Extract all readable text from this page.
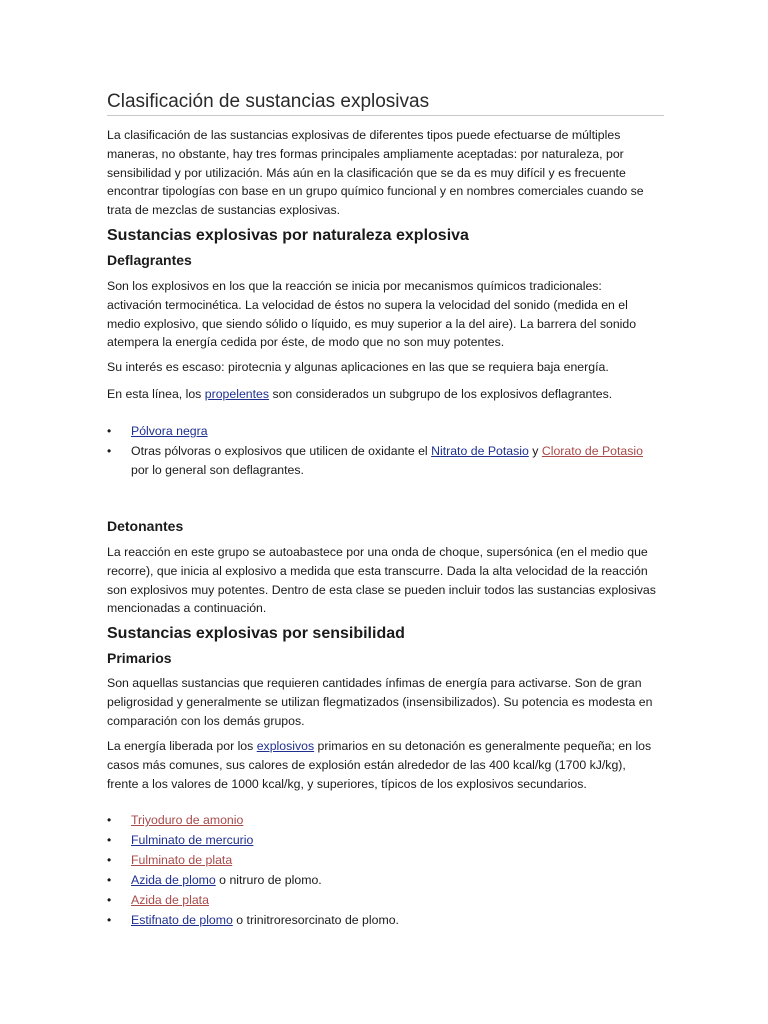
Clasificación de sustancias explosivas

La clasificación de las sustancias explosivas de diferentes tipos puede efectuarse de múltiples maneras, no obstante, hay tres formas principales ampliamente aceptadas: por naturaleza, por sensibilidad y por utilización. Más aún en la clasificación que se da es muy difícil y es frecuente encontrar tipologías con base en un grupo químico funcional y en nombres comerciales cuando se trata de mezclas de sustancias explosivas.

Sustancias explosivas por naturaleza explosiva
Deflagrantes

Son los explosivos en los que la reacción se inicia por mecanismos químicos tradicionales: activación termocinética. La velocidad de éstos no supera la velocidad del sonido (medida en el medio explosivo, que siendo sólido o líquido, es muy superior a la del aire). La barrera del sonido atempera la energía cedida por éste, de modo que no son muy potentes.

Su interés es escaso: pirotecnia y algunas aplicaciones en las que se requiera baja energía.

En esta línea, los propelentes son considerados un subgrupo de los explosivos deflagrantes.

• Pólvora negra
• Otras pólvoras o explosivos que utilicen de oxidante el Nitrato de Potasio y Clorato de Potasio por lo general son deflagrantes.
Detonantes

La reacción en este grupo se autoabastece por una onda de choque, supersónica (en el medio que recorre), que inicia al explosivo a medida que esta transcurre. Dada la alta velocidad de la reacción son explosivos muy potentes. Dentro de esta clase se pueden incluir todos las sustancias explosivas mencionadas a continuación.

Sustancias explosivas por sensibilidad
Primarios

Son aquellas sustancias que requieren cantidades ínfimas de energía para activarse. Son de gran peligrosidad y generalmente se utilizan flegmatizados (insensibilizados). Su potencia es modesta en comparación con los demás grupos.

La energía liberada por los explosivos primarios en su detonación es generalmente pequeña; en los casos más comunes, sus calores de explosión están alrededor de las 400 kcal/kg (1700 kJ/kg), frente a los valores de 1000 kcal/kg, y superiores, típicos de los explosivos secundarios.

• Triyoduro de amonio
• Fulminato de mercurio
• Fulminato de plata
• Azida de plomo o nitruro de plomo.
• Azida de plata
• Estifnato de plomo o trinitroresorcinato de plomo.
